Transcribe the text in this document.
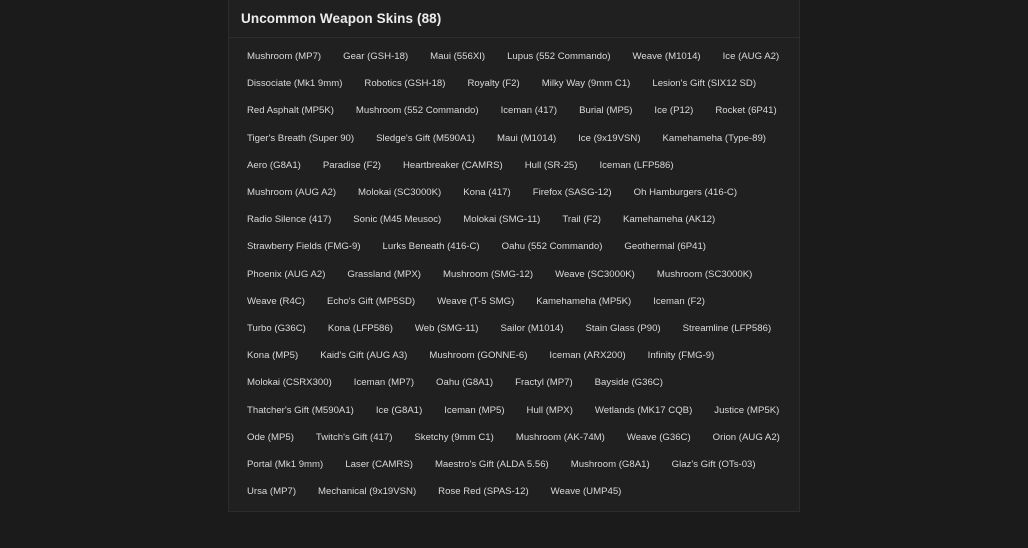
Uncommon Weapon Skins (88)
Mushroom (MP7)	Gear (GSH-18)	Maui (556XI)	Lupus (552 Commando)	Weave (M1014)	Ice (AUG A2)
Dissociate (Mk1 9mm)	Robotics (GSH-18)	Royalty (F2)	Milky Way (9mm C1)	Lesion's Gift (SIX12 SD)
Red Asphalt (MP5K)	Mushroom (552 Commando)	Iceman (417)	Burial (MP5)	Ice (P12)	Rocket (6P41)
Tiger's Breath (Super 90)	Sledge's Gift (M590A1)	Maui (M1014)	Ice (9x19VSN)	Kamehameha (Type-89)
Aero (G8A1)	Paradise (F2)	Heartbreaker (CAMRS)	Hull (SR-25)	Iceman (LFP586)
Mushroom (AUG A2)	Molokai (SC3000K)	Kona (417)	Firefox (SASG-12)	Oh Hamburgers (416-C)
Radio Silence (417)	Sonic (M45 Meusoc)	Molokai (SMG-11)	Trail (F2)	Kamehameha (AK12)
Strawberry Fields (FMG-9)	Lurks Beneath (416-C)	Oahu (552 Commando)	Geothermal (6P41)
Phoenix (AUG A2)	Grassland (MPX)	Mushroom (SMG-12)	Weave (SC3000K)	Mushroom (SC3000K)
Weave (R4C)	Echo's Gift (MP5SD)	Weave (T-5 SMG)	Kamehameha (MP5K)	Iceman (F2)
Turbo (G36C)	Kona (LFP586)	Web (SMG-11)	Sailor (M1014)	Stain Glass (P90)	Streamline (LFP586)
Kona (MP5)	Kaid's Gift (AUG A3)	Mushroom (GONNE-6)	Iceman (ARX200)	Infinity (FMG-9)
Molokai (CSRX300)	Iceman (MP7)	Oahu (G8A1)	Fractyl (MP7)	Bayside (G36C)
Thatcher's Gift (M590A1)	Ice (G8A1)	Iceman (MP5)	Hull (MPX)	Wetlands (MK17 CQB)	Justice (MP5K)
Ode (MP5)	Twitch's Gift (417)	Sketchy (9mm C1)	Mushroom (AK-74M)	Weave (G36C)	Orion (AUG A2)
Portal (Mk1 9mm)	Laser (CAMRS)	Maestro's Gift (ALDA 5.56)	Mushroom (G8A1)	Glaz's Gift (OTs-03)
Ursa (MP7)	Mechanical (9x19VSN)	Rose Red (SPAS-12)	Weave (UMP45)
